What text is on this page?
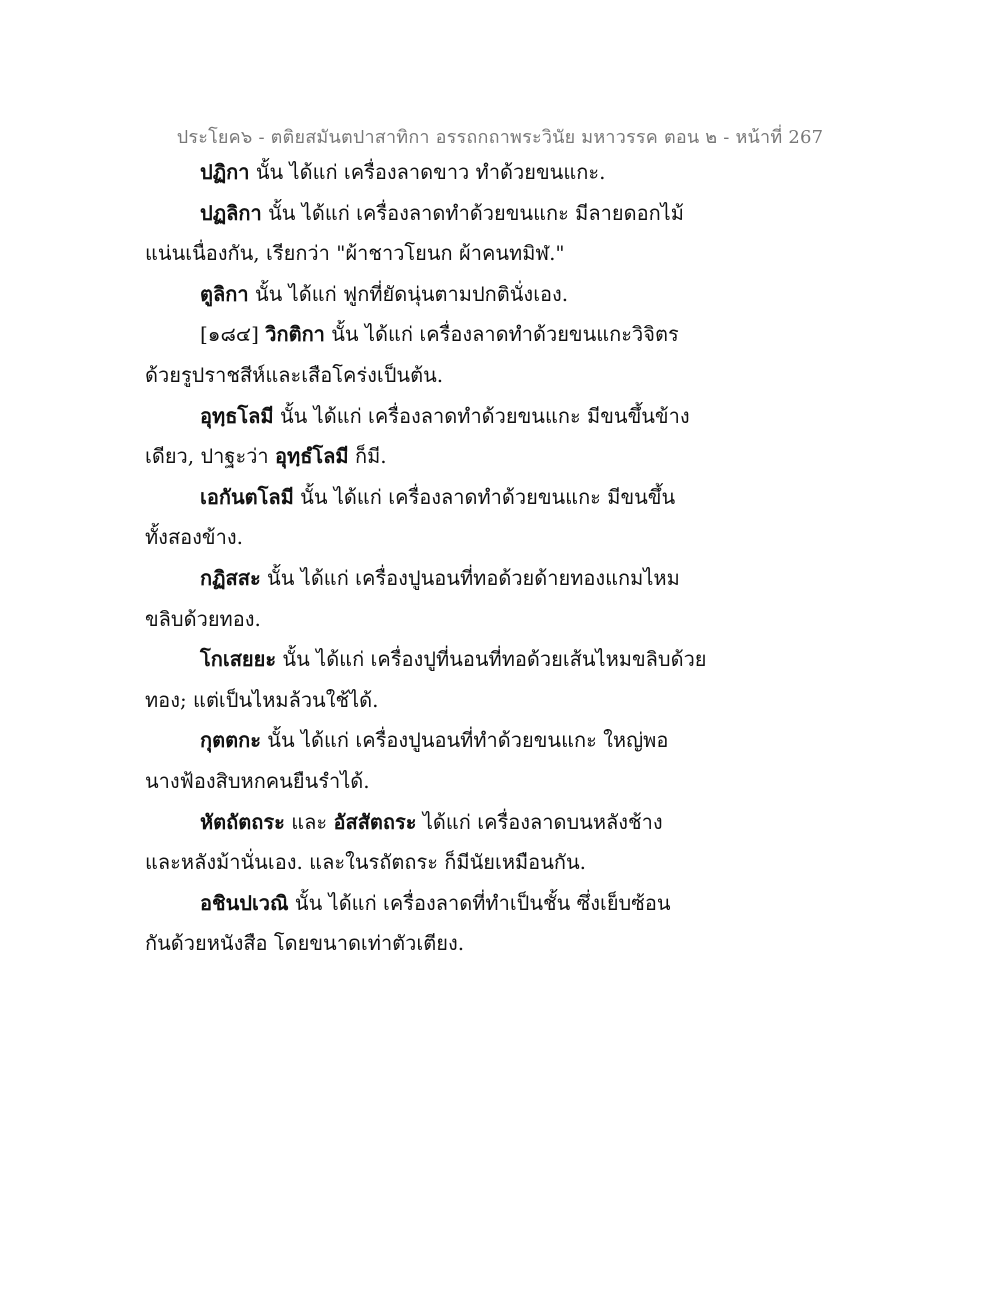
ประโยค๖ - ตติยสมันตปาสาทิกา อรรถกถาพระวินัย มหาวรรค ตอน ๒ - หน้าที่ 267
ปฏิกา นั้น ได้แก่ เครื่องลาดขาว ทำด้วยขนแกะ.
ปฏลิกา นั้น ได้แก่ เครื่องลาดทำด้วยขนแกะ มีลายดอกไม้
แน่นเนื่องกัน, เรียกว่า "ผ้าชาวโยนก ผ้าคนทมิฬ."
ตูลิกา นั้น ได้แก่ ฟูกที่ยัดนุ่นตามปกตินั่งเอง.
[๑๘๔] วิกติกา นั้น ได้แก่ เครื่องลาดทำด้วยขนแกะวิจิตร
ด้วยรูปราชสีห์และเสือโคร่งเป็นต้น.
อุทฺธโลมี นั้น ได้แก่ เครื่องลาดทำด้วยขนแกะ มีขนขึ้นข้าง
เดียว, ปาฐะว่า อุทฺธํโลมี ก็มี.
เอกันตโลมี นั้น ได้แก่ เครื่องลาดทำด้วยขนแกะ มีขนขึ้น
ทั้งสองข้าง.
กฏิสสะ นั้น ได้แก่ เครื่องปูนอนที่ทอด้วยด้ายทองแกมไหม
ขลิบด้วยทอง.
โกเสยยะ นั้น ได้แก่ เครื่องปูที่นอนที่ทอด้วยเส้นไหมขลิบด้วย
ทอง; แต่เป็นไหมล้วนใช้ได้.
กุตตกะ นั้น ได้แก่ เครื่องปูนอนที่ทำด้วยขนแกะ ใหญ่พอ
นางฟ้องสิบหกคนยืนรำได้.
หัตถัตถระ และ อัสสัตถระ ได้แก่ เครื่องลาดบนหลังช้าง
และหลังม้านั่นเอง. และในรถัตถระ ก็มีนัยเหมือนกัน.
อชินปเวณิ นั้น ได้แก่ เครื่องลาดที่ทำเป็นชั้น ซึ่งเย็บซ้อน
กันด้วยหนังสือ โดยขนาดเท่าตัวเตียง.
